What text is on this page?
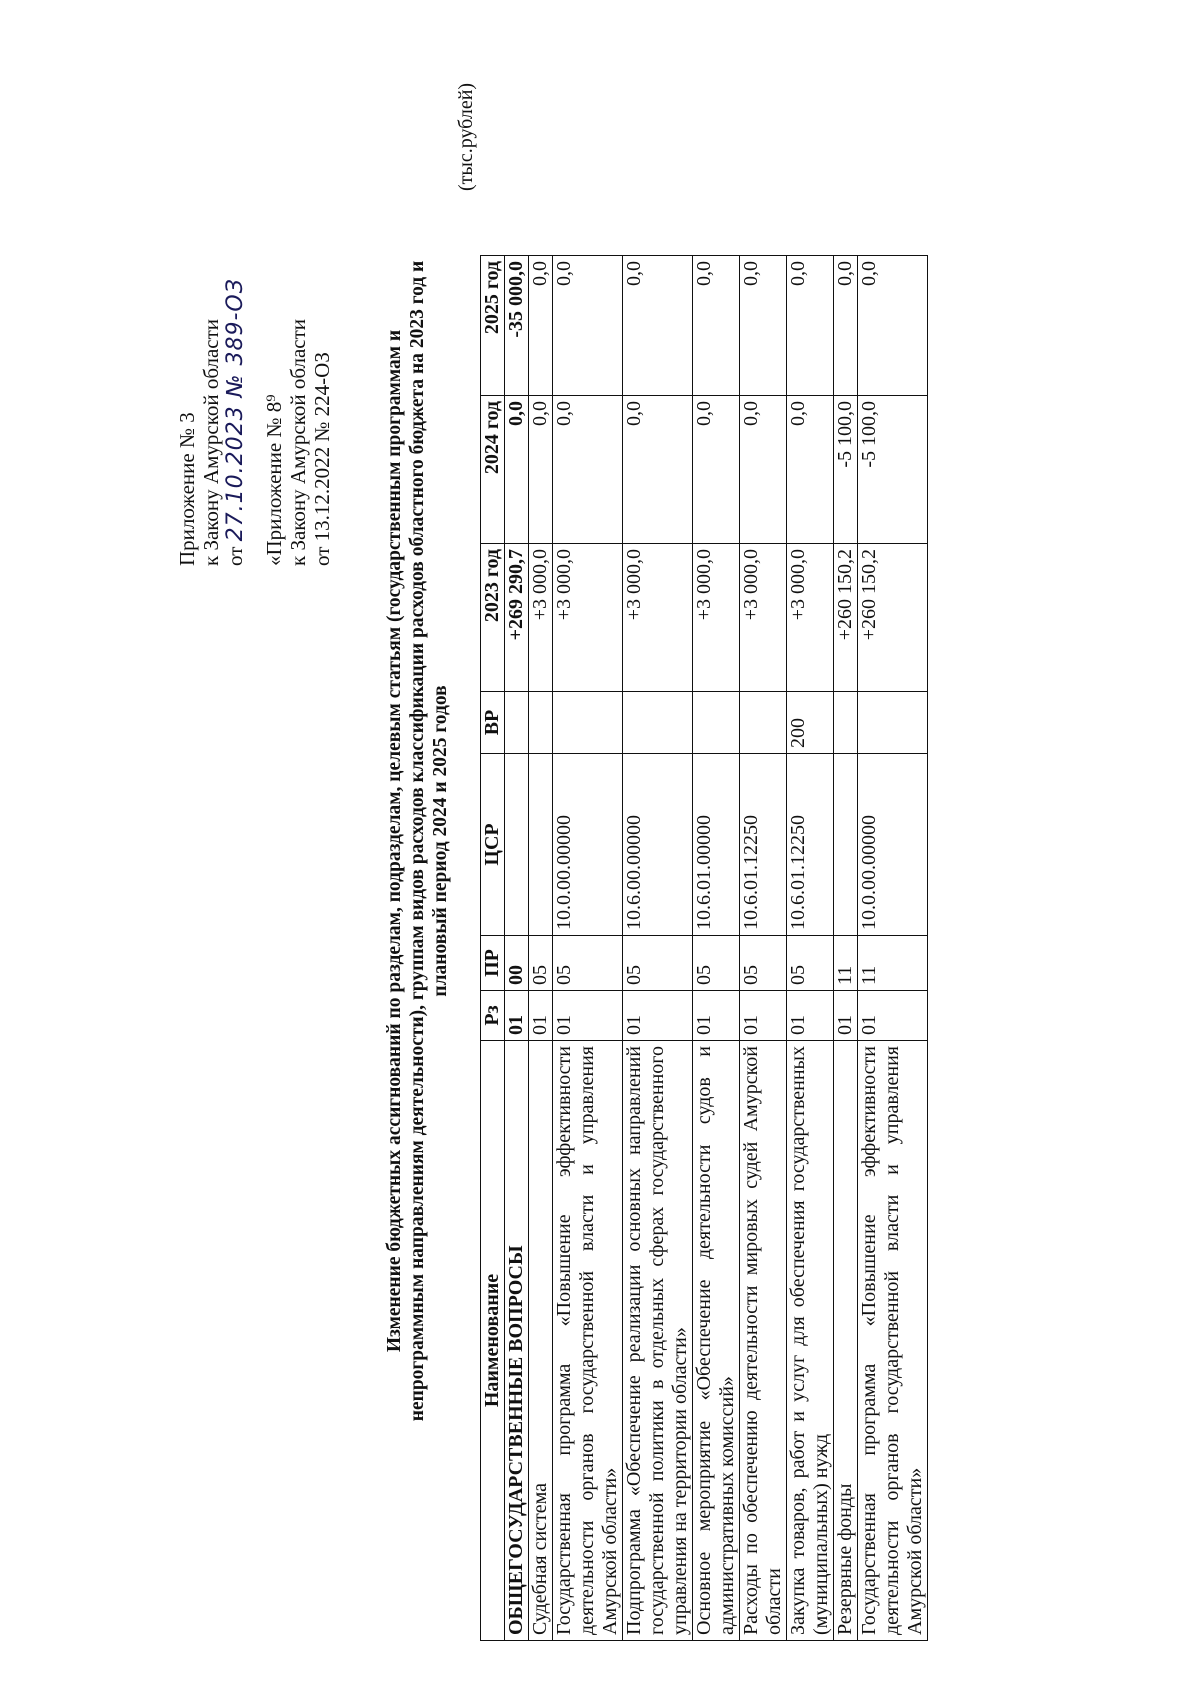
Приложение № 3 к Закону Амурской области от 27.10.2023 № 389-ОЗ «Приложение № 8⁹ к Закону Амурской области от 13.12.2022 № 224-ОЗ	Изменение бюджетных ассигнований по разделам, подразделам, целевым статьям (государственным программам и непрограммным направлениям деятельности), группам видов расходов классификации расходов областного бюджета на 2023 год и плановый период 2024 и 2025 годов
(тыс.рублей)
Наименование	Рз	ПР	ЦСР	ВР	2023 год	2024 год	2025 год
ОБЩЕГОСУДАРСТВЕННЫЕ ВОПРОСЫ	01	00			+269 290,7	0,0	-35 000,0
Судебная система	01	05			+3 000,0	0,0	0,0
Государственная программа «Повышение эффективности деятельности органов государственной власти и управления Амурской области»	01	05	10.0.00.00000		+3 000,0	0,0	0,0
Подпрограмма «Обеспечение реализации основных направлений государственной политики в отдельных сферах государственного управления на территории области»	01	05	10.6.00.00000		+3 000,0	0,0	0,0
Основное мероприятие «Обеспечение деятельности судов и административных комиссий»	01	05	10.6.01.00000		+3 000,0	0,0	0,0
Расходы по обеспечению деятельности мировых судей Амурской области	01	05	10.6.01.12250		+3 000,0	0,0	0,0
Закупка товаров, работ и услуг для обеспечения государственных (муниципальных) нужд	01	05	10.6.01.12250	200	+3 000,0	0,0	0,0
Резервные фонды	01	11			+260 150,2	-5 100,0	0,0
Государственная программа «Повышение эффективности деятельности органов государственной власти и управления Амурской области»	01	11	10.0.00.00000		+260 150,2	-5 100,0	0,0
